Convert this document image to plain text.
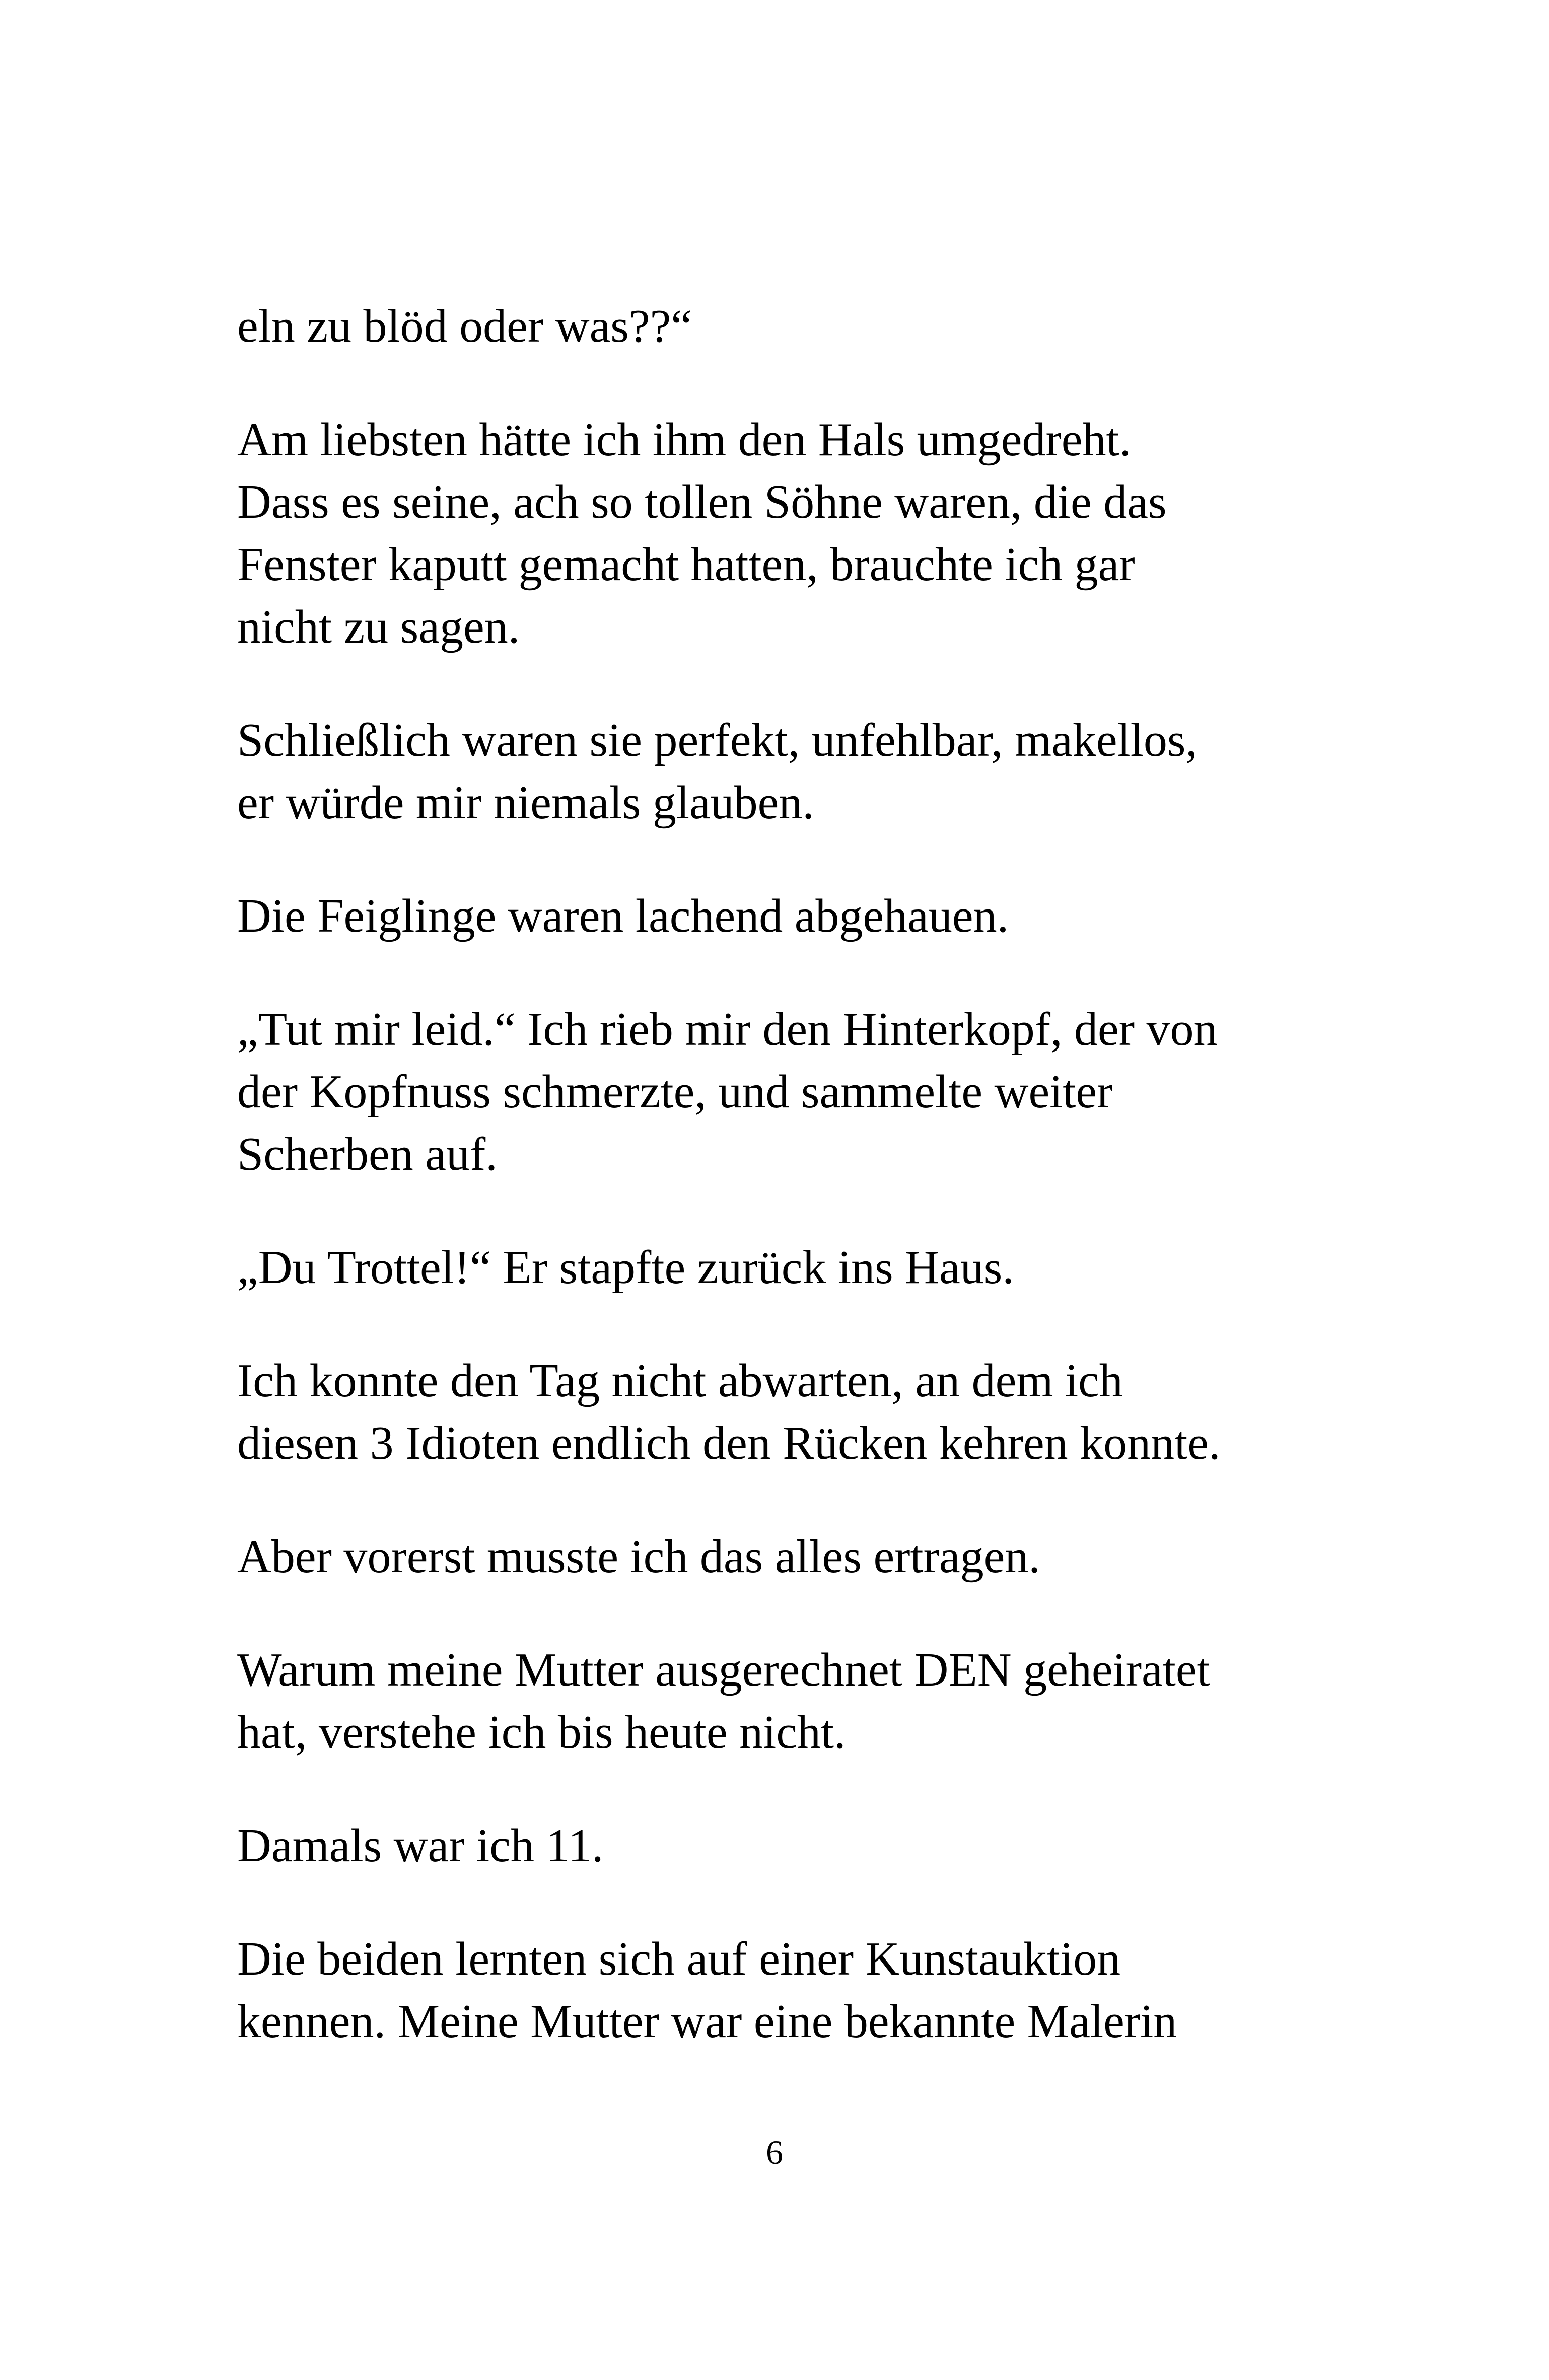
eln zu blöd oder was??“

Am liebsten hätte ich ihm den Hals umgedreht.
Dass es seine, ach so tollen Söhne waren, die das
Fenster kaputt gemacht hatten, brauchte ich gar
nicht zu sagen.

Schließlich waren sie perfekt, unfehlbar, makellos,
er würde mir niemals glauben.

Die Feiglinge waren lachend abgehauen.

„Tut mir leid.“ Ich rieb mir den Hinterkopf, der von
der Kopfnuss schmerzte, und sammelte weiter
Scherben auf.

„Du Trottel!“ Er stapfte zurück ins Haus.

Ich konnte den Tag nicht abwarten, an dem ich
diesen 3 Idioten endlich den Rücken kehren konnte.

Aber vorerst musste ich das alles ertragen.

Warum meine Mutter ausgerechnet DEN geheiratet
hat, verstehe ich bis heute nicht.

Damals war ich 11.

Die beiden lernten sich auf einer Kunstauktion
kennen. Meine Mutter war eine bekannte Malerin

6
